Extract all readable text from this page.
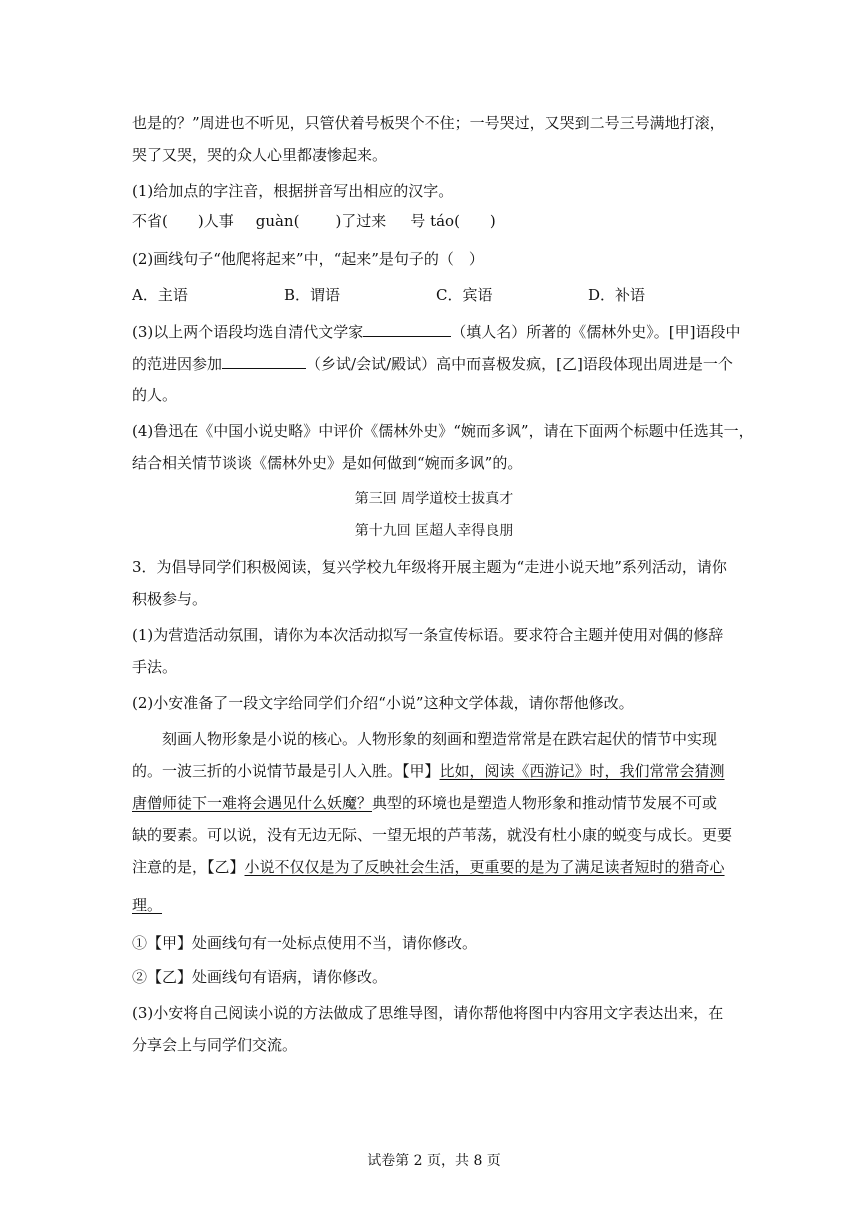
也是的？”周进也不听见，只管伏着号板哭个不住；一号哭过，又哭到二号三号满地打滚，
哭了又哭，哭的众人心里都凄惨起来。
(1)给加点的字注音，根据拼音写出相应的汉字。
不省( )人事 guàn( )了过来 号 táo( )
(2)画线句子“他爬将起来”中，“起来”是句子的（　）
A．主语	B．谓语	C．宾语	D．补语
(3)以上两个语段均选自清代文学家	（填人名）所著的《儒林外史》。[甲]语段中
的范进因参加	（乡试/会试/殿试）高中而喜极发疯，[乙]语段体现出周进是一个
的人。
(4)鲁迅在《中国小说史略》中评价《儒林外史》“婉而多讽”，请在下面两个标题中任选其一，
结合相关情节谈谈《儒林外史》是如何做到“婉而多讽”的。
第三回 周学道校士拔真才
第十九回 匡超人幸得良朋
3．为倡导同学们积极阅读，复兴学校九年级将开展主题为“走进小说天地”系列活动，请你
积极参与。
(1)为营造活动氛围，请你为本次活动拟写一条宣传标语。要求符合主题并使用对偶的修辞
手法。
(2)小安准备了一段文字给同学们介绍“小说”这种文学体裁，请你帮他修改。
刻画人物形象是小说的核心。人物形象的刻画和塑造常常是在跌宕起伏的情节中实现
的。一波三折的小说情节最是引人入胜。【甲】比如，阅读《西游记》时，我们常常会猜测
唐僧师徒下一难将会遇见什么妖魔？典型的环境也是塑造人物形象和推动情节发展不可或
缺的要素。可以说，没有无边无际、一望无垠的芦苇荡，就没有杜小康的蜕变与成长。更要
注意的是，【乙】小说不仅仅是为了反映社会生活，更重要的是为了满足读者短时的猎奇心
理。
①【甲】处画线句有一处标点使用不当，请你修改。
②【乙】处画线句有语病，请你修改。
(3)小安将自己阅读小说的方法做成了思维导图，请你帮他将图中内容用文字表达出来，在
分享会上与同学们交流。
试卷第 2 页，共 8 页
